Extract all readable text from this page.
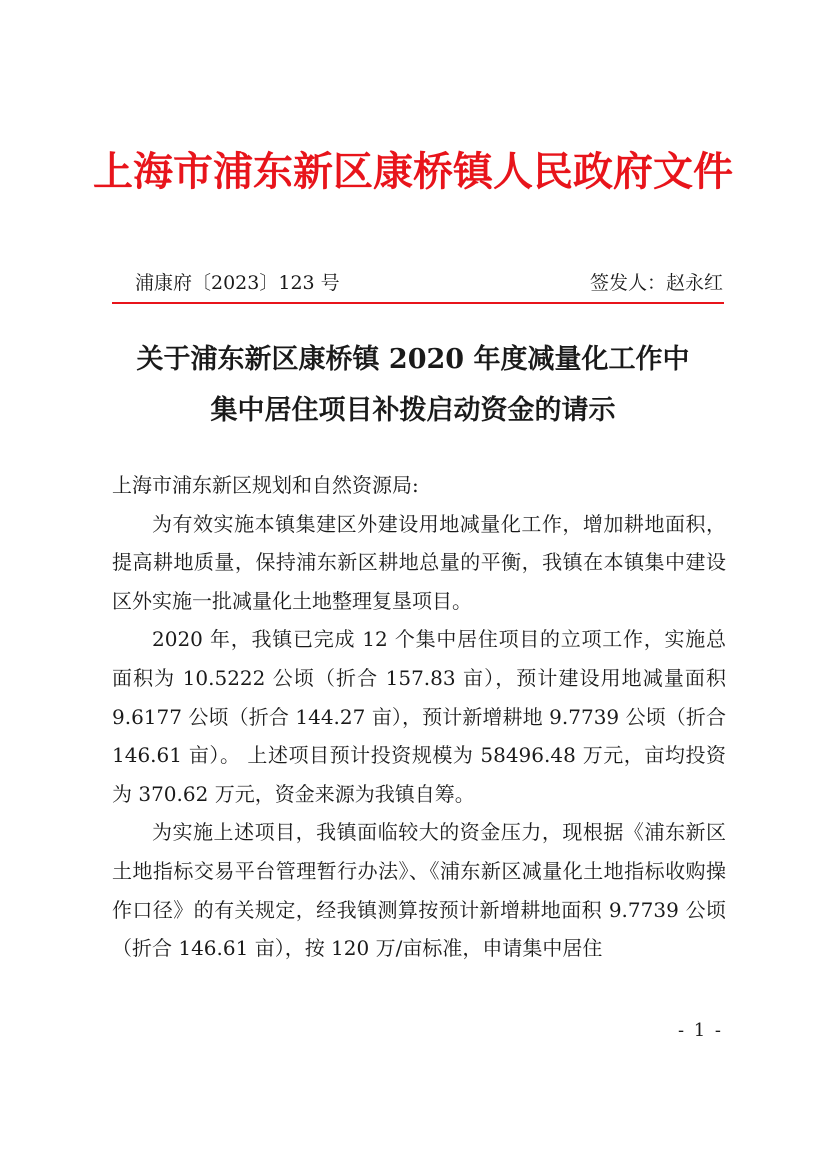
上海市浦东新区康桥镇人民政府文件
浦康府〔2023〕123 号	签发人：赵永红
关于浦东新区康桥镇 2020 年度减量化工作中
集中居住项目补拨启动资金的请示
上海市浦东新区规划和自然资源局:

为有效实施本镇集建区外建设用地减量化工作，增加耕地面积，提高耕地质量，保持浦东新区耕地总量的平衡，我镇在本镇集中建设区外实施一批减量化土地整理复垦项目。

2020 年，我镇已完成 12 个集中居住项目的立项工作，实施总面积为 10.5222 公顷（折合 157.83 亩），预计建设用地减量面积 9.6177 公顷（折合 144.27 亩），预计新增耕地 9.7739 公顷（折合 146.61 亩）。 上述项目预计投资规模为 58496.48 万元，亩均投资为 370.62 万元，资金来源为我镇自筹。

为实施上述项目，我镇面临较大的资金压力，现根据《浦东新区土地指标交易平台管理暂行办法》、《浦东新区减量化土地指标收购操作口径》的有关规定，经我镇测算按预计新增耕地面积 9.7739 公顷（折合 146.61 亩），按 120 万/亩标准，申请集中居住

- 1 -
